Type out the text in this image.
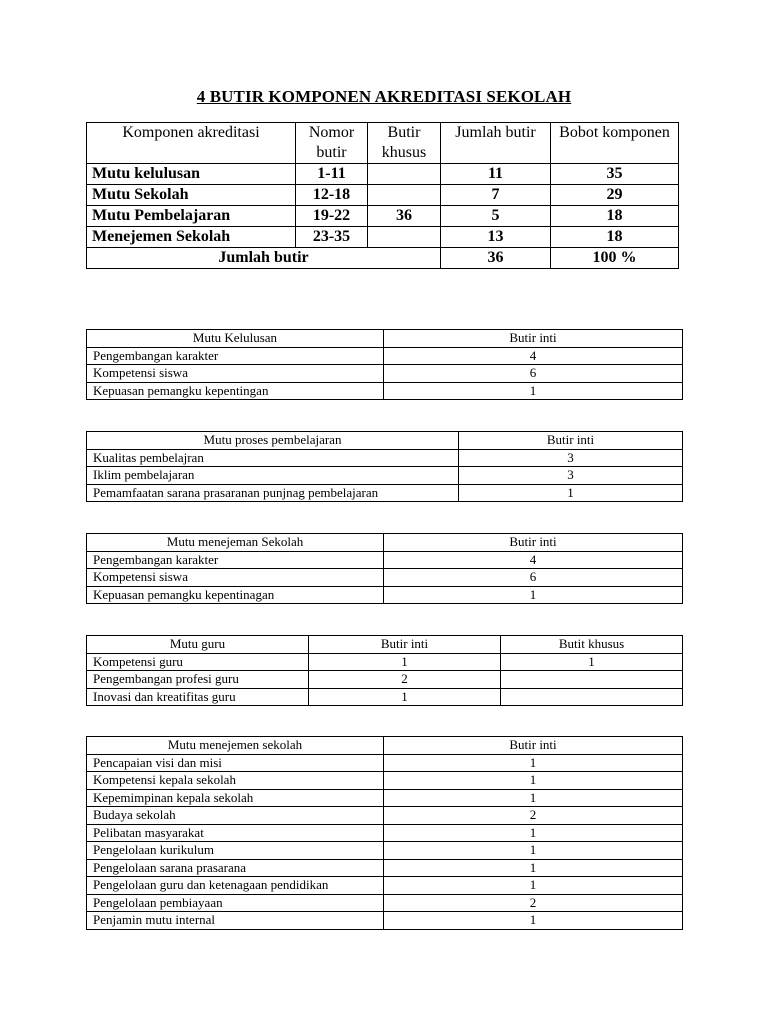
4 BUTIR KOMPONEN AKREDITASI SEKOLAH
Komponen akreditasi	Nomor butir	Butir khusus	Jumlah butir	Bobot komponen
Mutu kelulusan	1-11		11	35
Mutu Sekolah	12-18		7	29
Mutu Pembelajaran	19-22	36	5	18
Menejemen Sekolah	23-35		13	18
Jumlah butir			36	100 %
Mutu Kelulusan	Butir inti
Pengembangan karakter	4
Kompetensi siswa	6
Kepuasan pemangku kepentingan	1
Mutu proses pembelajaran	Butir inti
Kualitas pembelajran	3
Iklim pembelajaran	3
Pemamfaatan sarana prasaranan punjnag pembelajaran	1
Mutu menejeman Sekolah	Butir inti
Pengembangan karakter	4
Kompetensi siswa	6
Kepuasan pemangku kepentinagan	1
Mutu guru	Butir inti	Butit khusus
Kompetensi guru	1	1
Pengembangan profesi guru	2	
Inovasi dan kreatifitas guru	1	
Mutu menejemen sekolah	Butir inti
Pencapaian visi dan misi	1
Kompetensi kepala sekolah	1
Kepemimpinan kepala sekolah	1
Budaya sekolah	2
Pelibatan masyarakat	1
Pengelolaan kurikulum	1
Pengelolaan sarana prasarana	1
Pengelolaan guru dan ketenagaan pendidikan	1
Pengelolaan pembiayaan	2
Penjamin mutu internal	1
